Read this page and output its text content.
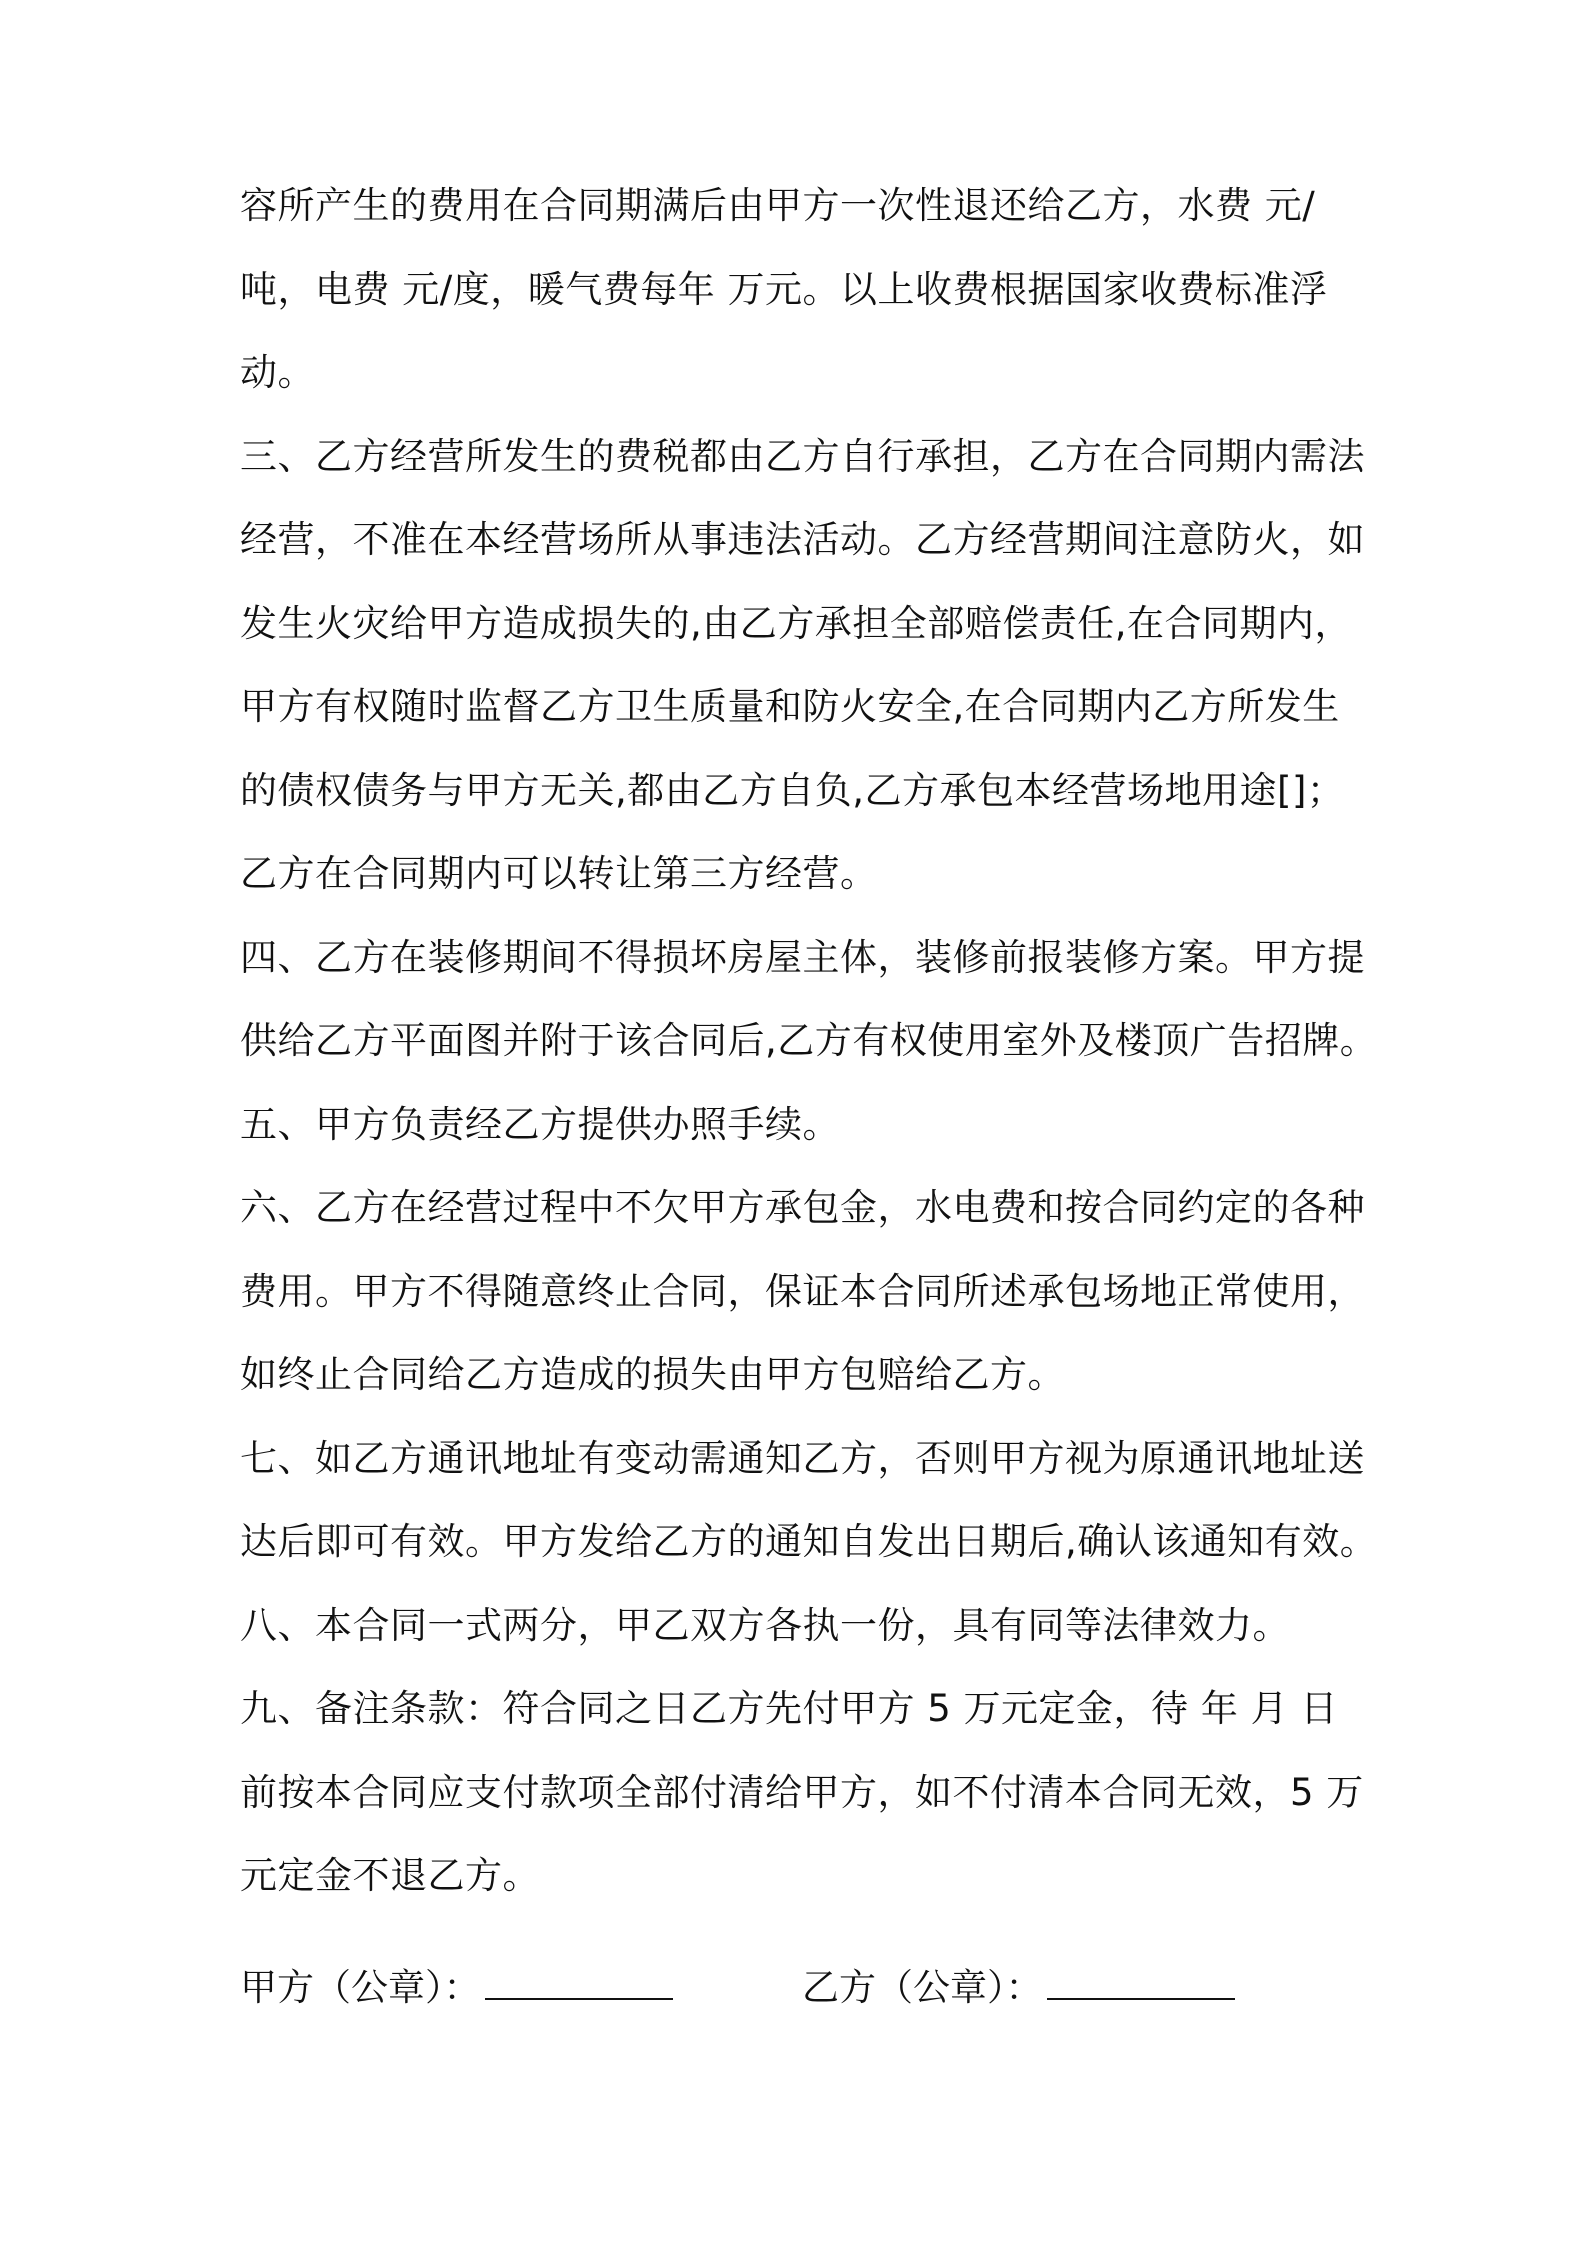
容所产生的费用在合同期满后由甲方一次性退还给乙方，水费 元/
吨，电费 元/度，暖气费每年 万元。以上收费根据国家收费标准浮
动。
三、乙方经营所发生的费税都由乙方自行承担，乙方在合同期内需法
经营，不准在本经营场所从事违法活动。乙方经营期间注意防火，如
发生火灾给甲方造成损失的,由乙方承担全部赔偿责任,在合同期内，
甲方有权随时监督乙方卫生质量和防火安全,在合同期内乙方所发生
的债权债务与甲方无关,都由乙方自负,乙方承包本经营场地用途[]；
乙方在合同期内可以转让第三方经营。
四、乙方在装修期间不得损坏房屋主体，装修前报装修方案。甲方提
供给乙方平面图并附于该合同后,乙方有权使用室外及楼顶广告招牌。
五、甲方负责经乙方提供办照手续。
六、乙方在经营过程中不欠甲方承包金，水电费和按合同约定的各种
费用。甲方不得随意终止合同，保证本合同所述承包场地正常使用，
如终止合同给乙方造成的损失由甲方包赔给乙方。
七、如乙方通讯地址有变动需通知乙方，否则甲方视为原通讯地址送
达后即可有效。甲方发给乙方的通知自发出日期后,确认该通知有效。
八、本合同一式两分，甲乙双方各执一份，具有同等法律效力。
九、备注条款：符合同之日乙方先付甲方 5 万元定金，待 年 月 日
前按本合同应支付款项全部付清给甲方，如不付清本合同无效，5 万
元定金不退乙方。
甲方（公章）：	乙方（公章）：
